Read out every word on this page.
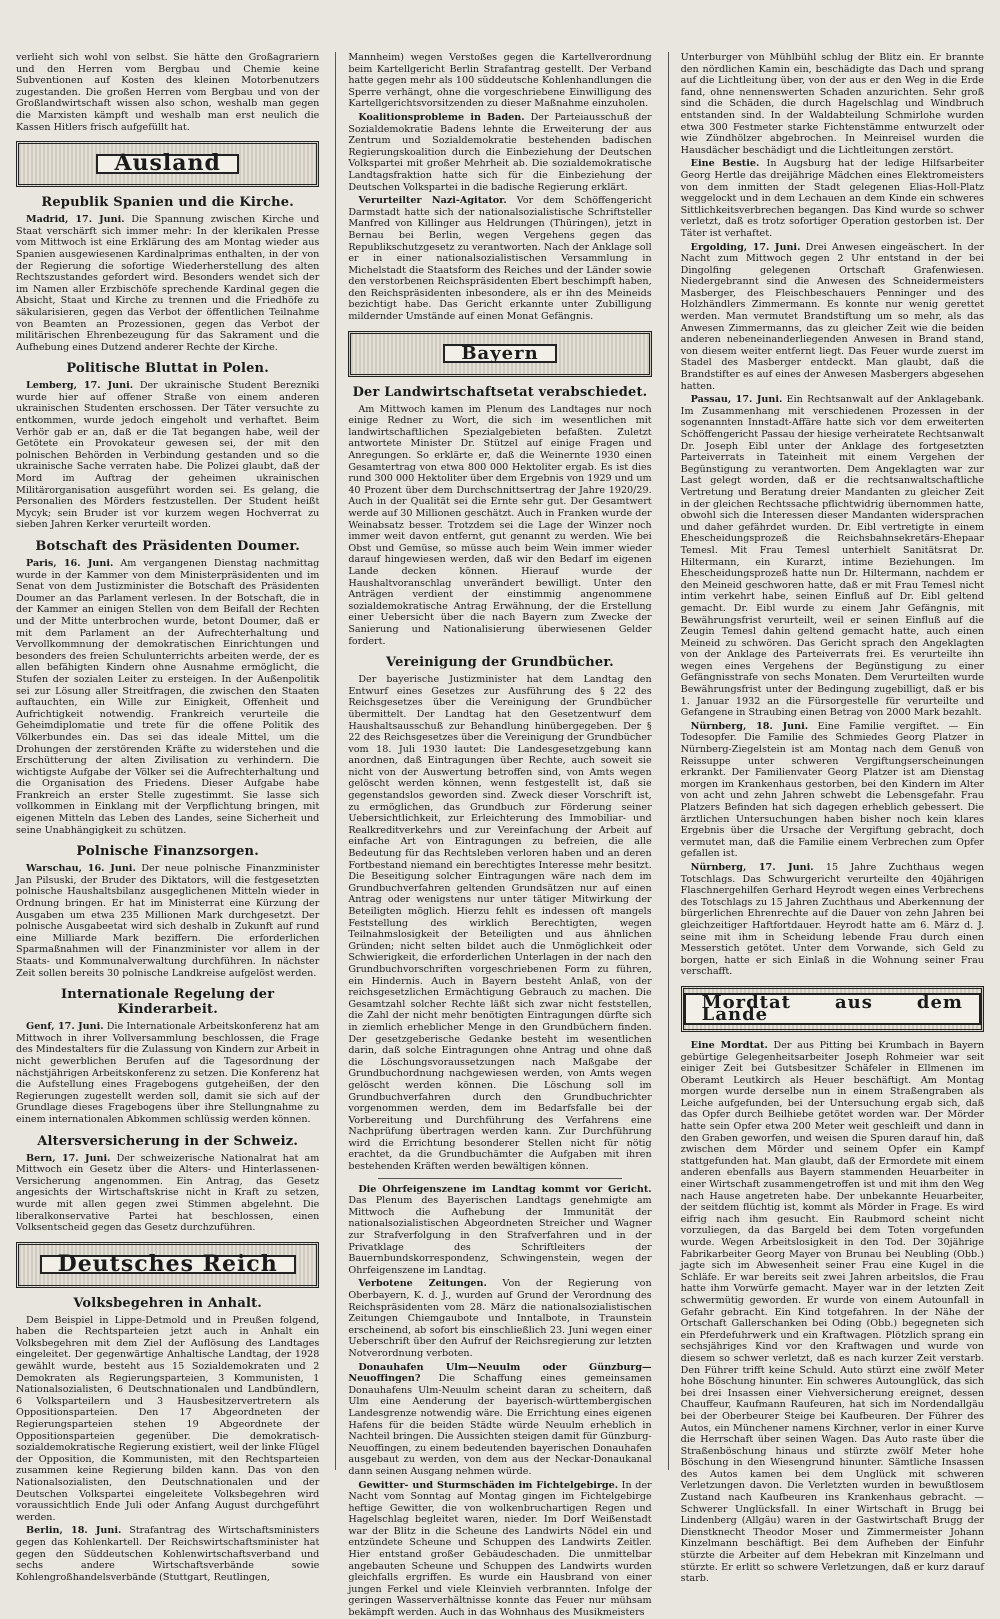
verlieht sich wohl von selbst. Sie hätte den Großagrariern und den Herren vom Bergbau und Chemie keine Subventionen auf Kosten des kleinen Motorbenutzers zugestanden. Die großen Herren vom Bergbau und von der Großlandwirtschaft wissen also schon, weshalb man gegen die Marxisten kämpft und weshalb man erst neulich die Kassen Hitlers frisch aufgefüllt hat.

Ausland
Republik Spanien und die Kirche.

Madrid, 17. Juni. Die Spannung zwischen Kirche und Staat verschärft sich immer mehr: In der klerikalen Presse vom Mittwoch ist eine Erklärung des am Montag wieder aus Spanien ausgewiesenen Kardinalprimas enthalten, in der von der Regierung die sofortige Wiederherstellung des alten Rechtszustandes gefordert wird. Besonders wendet sich der im Namen aller Erzbischöfe sprechende Kardinal gegen die Absicht, Staat und Kirche zu trennen und die Friedhöfe zu säkularisieren, gegen das Verbot der öffentlichen Teilnahme von Beamten an Prozessionen, gegen das Verbot der militärischen Ehrenbezeugung für das Sakrament und die Aufhebung eines Dutzend anderer Rechte der Kirche.

Politische Bluttat in Polen.

Lemberg, 17. Juni. Der ukrainische Student Berezniki wurde hier auf offener Straße von einem anderen ukrainischen Studenten erschossen. Der Täter versuchte zu entkommen, wurde jedoch eingeholt und verhaftet. Beim Verhör gab er an, daß er die Tat begangen habe, weil der Getötete ein Provokateur gewesen sei, der mit den polnischen Behörden in Verbindung gestanden und so die ukrainische Sache verraten habe. Die Polizei glaubt, daß der Mord im Auftrag der geheimen ukrainischen Militärorganisation ausgeführt worden sei. Es gelang, die Personalien des Mörders festzustellen. Der Student heißt Mycyk; sein Bruder ist vor kurzem wegen Hochverrat zu sieben Jahren Kerker verurteilt worden.

Botschaft des Präsidenten Doumer.

Paris, 16. Juni. Am vergangenen Dienstag nachmittag wurde in der Kammer von dem Ministerpräsidenten und im Senat von dem Justizminister die Botschaft des Präsidenten Doumer an das Parlament verlesen. In der Botschaft, die in der Kammer an einigen Stellen von dem Beifall der Rechten und der Mitte unterbrochen wurde, betont Doumer, daß er mit dem Parlament an der Aufrechterhaltung und Vervollkommnung der demokratischen Einrichtungen und besonders des freien Schulunterrichts arbeiten werde, der es allen befähigten Kindern ohne Ausnahme ermöglicht, die Stufen der sozialen Leiter zu ersteigen. In der Außenpolitik sei zur Lösung aller Streitfragen, die zwischen den Staaten auftauchten, ein Wille zur Einigkeit, Offenheit und Aufrichtigkeit notwendig. Frankreich verurteile die Geheimdiplomatie und trete für die offene Politik des Völkerbundes ein. Das sei das ideale Mittel, um die Drohungen der zerstörenden Kräfte zu widerstehen und die Erschütterung der alten Zivilisation zu verhindern. Die wichtigste Aufgabe der Völker sei die Aufrechterhaltung und die Organisation des Friedens. Dieser Aufgabe habe Frankreich an erster Stelle zugestimmt. Sie lasse sich vollkommen in Einklang mit der Verpflichtung bringen, mit eigenen Mitteln das Leben des Landes, seine Sicherheit und seine Unabhängigkeit zu schützen.

Polnische Finanzsorgen.

Warschau, 16. Juni. Der neue polnische Finanzminister Jan Pilsuski, der Bruder des Diktators, will die festgesetzten polnische Haushaltsbilanz ausgeglichenen Mitteln wieder in Ordnung bringen. Er hat im Ministerrat eine Kürzung der Ausgaben um etwa 235 Millionen Mark durchgesetzt. Der polnische Ausgabeetat wird sich deshalb in Zukunft auf rund eine Milliarde Mark beziffern. Die erforderlichen Sparmaßnahmen will der Finanzminister vor allem in der Staats- und Kommunalverwaltung durchführen. In nächster Zeit sollen bereits 30 polnische Landkreise aufgelöst werden.

Internationale Regelung der Kinderarbeit.

Genf, 17. Juni. Die Internationale Arbeitskonferenz hat am Mittwoch in ihrer Vollversammlung beschlossen, die Frage des Mindestalters für die Zulassung von Kindern zur Arbeit in nicht gewerblichen Berufen auf die Tagesordnung der nächstjährigen Arbeitskonferenz zu setzen. Die Konferenz hat die Aufstellung eines Fragebogens gutgeheißen, der den Regierungen zugestellt werden soll, damit sie sich auf der Grundlage dieses Fragebogens über ihre Stellungnahme zu einem internationalen Abkommen schlüssig werden können.

Altersversicherung in der Schweiz.

Bern, 17. Juni. Der schweizerische Nationalrat hat am Mittwoch ein Gesetz über die Alters- und Hinterlassenen-Versicherung angenommen. Ein Antrag, das Gesetz angesichts der Wirtschaftskrise nicht in Kraft zu setzen, wurde mit allen gegen zwei Stimmen abgelehnt. Die liberalkonservative Partei hat beschlossen, einen Volksentscheid gegen das Gesetz durchzuführen.

Deutsches Reich
Volksbegehren in Anhalt.

Dem Beispiel in Lippe-Detmold und in Preußen folgend, haben die Rechtsparteien jetzt auch in Anhalt ein Volksbegehren mit dem Ziel der Auflösung des Landtages eingeleitet. Der gegenwärtige Anhaltische Landtag, der 1928 gewählt wurde, besteht aus 15 Sozialdemokraten und 2 Demokraten als Regierungsparteien, 3 Kommunisten, 1 Nationalsozialisten, 6 Deutschnationalen und Landbündlern, 6 Volksparteilern und 3 Hausbesitzervertretern als Oppositionsparteien. Den 17 Abgeordneten der Regierungsparteien stehen 19 Abgeordnete der Oppositionsparteien gegenüber. Die demokratisch-sozialdemokratische Regierung existiert, weil der linke Flügel der Opposition, die Kommunisten, mit den Rechtsparteien zusammen keine Regierung bilden kann. Das von den Nationalsozialisten, den Deutschnationalen und der Deutschen Volkspartei eingeleitete Volksbegehren wird voraussichtlich Ende Juli oder Anfang August durchgeführt werden.

Berlin, 18. Juni. Strafantrag des Wirtschaftsministers gegen das Kohlenkartell. Der Reichswirtschaftsminister hat gegen den Süddeutschen Kohlenwirtschaftsverband und sechs andere Wirtschaftsverbände sowie Kohlengroßhandelsverbände (Stuttgart, Reutlingen,

Mannheim) wegen Verstoßes gegen die Kartellverordnung beim Kartellgericht Berlin Strafantrag gestellt. Der Verband hatte gegen mehr als 100 süddeutsche Kohlenhandlungen die Sperre verhängt, ohne die vorgeschriebene Einwilligung des Kartellgerichtsvorsitzenden zu dieser Maßnahme einzuholen.

Koalitionsprobleme in Baden. Der Parteiausschuß der Sozialdemokratie Badens lehnte die Erweiterung der aus Zentrum und Sozialdemokratie bestehenden badischen Regierungskoalition durch die Einbeziehung der Deutschen Volkspartei mit großer Mehrheit ab. Die sozialdemokratische Landtagsfraktion hatte sich für die Einbeziehung der Deutschen Volkspartei in die badische Regierung erklärt.

Verurteilter Nazi-Agitator. Vor dem Schöffengericht Darmstadt hatte sich der nationalsozialistische Schriftsteller Manfred von Killinger aus Heldrungen (Thüringen), jetzt in Bernau bei Berlin, wegen Vergehens gegen das Republikschutzgesetz zu verantworten. Nach der Anklage soll er in einer nationalsozialistischen Versammlung in Michelstadt die Staatsform des Reiches und der Länder sowie den verstorbenen Reichspräsidenten Ebert beschimpft haben, den Reichspräsidenten inbesondere, als er ihn des Meineids bezichtigt habe. Das Gericht erkannte unter Zubilligung mildernder Umstände auf einen Monat Gefängnis.

Bayern
Der Landwirtschaftsetat verabschiedet.

Am Mittwoch kamen im Plenum des Landtages nur noch einige Redner zu Wort, die sich im wesentlichen mit landwirtschaftlichen Spezialgebieten befaßten. Zuletzt antwortete Minister Dr. Stützel auf einige Fragen und Anregungen. So erklärte er, daß die Weinernte 1930 einen Gesamtertrag von etwa 800 000 Hektoliter ergab. Es ist dies rund 300 000 Hektoliter über dem Ergebnis von 1929 und um 40 Prozent über dem Durchschnittsertrag der Jahre 1920/29. Auch in der Qualität sei die Ernte sehr gut. Der Gesamtwert werde auf 30 Millionen geschätzt. Auch in Franken wurde der Weinabsatz besser. Trotzdem sei die Lage der Winzer noch immer weit davon entfernt, gut genannt zu werden. Wie bei Obst und Gemüse, so müsse auch beim Wein immer wieder darauf hingewiesen werden, daß wir den Bedarf im eigenen Lande decken können. Hierauf wurde der Haushaltvoranschlag unverändert bewilligt. Unter den Anträgen verdient der einstimmig angenommene sozialdemokratische Antrag Erwähnung, der die Erstellung einer Uebersicht über die nach Bayern zum Zwecke der Sanierung und Nationalisierung überwiesenen Gelder fordert.

Vereinigung der Grundbücher.

Der bayerische Justizminister hat dem Landtag den Entwurf eines Gesetzes zur Ausführung des § 22 des Reichsgesetzes über die Vereinigung der Grundbücher übermittelt. Der Landtag hat den Gesetzentwurf dem Haushaltsausschuß zur Behandlung hinübergegeben. Der § 22 des Reichsgesetzes über die Vereinigung der Grundbücher vom 18. Juli 1930 lautet: Die Landesgesetzgebung kann anordnen, daß Eintragungen über Rechte, auch soweit sie nicht von der Auswertung betroffen sind, von Amts wegen gelöscht werden können, wenn festgestellt ist, daß sie gegenstandslos geworden sind. Zweck dieser Vorschrift ist, zu ermöglichen, das Grundbuch zur Förderung seiner Uebersichtlichkeit, zur Erleichterung des Immobiliar- und Realkreditverkehrs und zur Vereinfachung der Arbeit auf einfache Art von Eintragungen zu befreien, die alle Bedeutung für das Rechtsleben verloren haben und an deren Fortbestand niemand ein berechtigtes Interesse mehr besitzt. Die Beseitigung solcher Eintragungen wäre nach dem im Grundbuchverfahren geltenden Grundsätzen nur auf einen Antrag oder wenigstens nur unter tätiger Mitwirkung der Beteiligten möglich. Hierzu fehlt es indessen oft mangels Feststellung des wirklich Berechtigten, wegen Teilnahmslosigkeit der Beteiligten und aus ähnlichen Gründen; nicht selten bildet auch die Unmöglichkeit oder Schwierigkeit, die erforderlichen Unterlagen in der nach den Grundbuchvorschriften vorgeschriebenen Form zu führen, ein Hindernis. Auch in Bayern besteht Anlaß, von der reichsgesetzlichen Ermächtigung Gebrauch zu machen. Die Gesamtzahl solcher Rechte läßt sich zwar nicht feststellen, die Zahl der nicht mehr benötigten Eintragungen dürfte sich in ziemlich erheblicher Menge in den Grundbüchern finden. Der gesetzgeberische Gedanke besteht im wesentlichen darin, daß solche Eintragungen ohne Antrag und ohne daß die Löschungsvoraussetzungen nach Maßgabe der Grundbuchordnung nachgewiesen werden, von Amts wegen gelöscht werden können. Die Löschung soll im Grundbuchverfahren durch den Grundbuchrichter vorgenommen werden, dem im Bedarfsfalle bei der Vorbereitung und Durchführung des Verfahrens eine Nachprüfung übertragen werden kann. Zur Durchführung wird die Errichtung besonderer Stellen nicht für nötig erachtet, da die Grundbuchämter die Aufgaben mit ihren bestehenden Kräften werden bewältigen können.

Die Ohrfeigenszene im Landtag kommt vor Gericht. Das Plenum des Bayerischen Landtags genehmigte am Mittwoch die Aufhebung der Immunität der nationalsozialistischen Abgeordneten Streicher und Wagner zur Strafverfolgung in den Strafverfahren und in der Privatklage des Schriftleiters der Bauernbundskorrespondenz, Schwingenstein, wegen der Ohrfeigenszene im Landtag.

Verbotene Zeitungen. Von der Regierung von Oberbayern, K. d. J., wurden auf Grund der Verordnung des Reichspräsidenten vom 28. März die nationalsozialistischen Zeitungen Chiemgaubote und Inntalbote, in Traunstein erscheinend, ab sofort bis einschließlich 23. Juni wegen einer Ueberschrift über den Aufruf der Reichsregierung zur letzten Notverordnung verboten.

Donauhafen Ulm—Neuulm oder Günzburg—Neuoffingen? Die Schaffung eines gemeinsamen Donauhafens Ulm-Neuulm scheint daran zu scheitern, daß Ulm eine Aenderung der bayerisch-württembergischen Landesgrenze notwendig wäre. Die Errichtung eines eigenen Hafens für die beiden Städte würde Neuulm erheblich in Nachteil bringen. Die Aussichten steigen damit für Günzburg-Neuoffingen, zu einem bedeutenden bayerischen Donauhafen ausgebaut zu werden, von dem aus der Neckar-Donaukanal dann seinen Ausgang nehmen würde.

Gewitter- und Sturmschäden im Fichtelgebirge. In der Nacht vom Sonntag auf Montag gingen im Fichtelgebirge heftige Gewitter, die von wolkenbruchartigen Regen und Hagelschlag begleitet waren, nieder. Im Dorf Weißenstadt war der Blitz in die Scheune des Landwirts Nödel ein und entzündete Scheune und Schuppen des Landwirts Zeitler. Hier entstand großer Gebäudeschaden. Die unmittelbar angebauten Scheune und Schuppen des Landwirts wurden gleichfalls ergriffen. Es wurde ein Hausbrand von einer jungen Ferkel und viele Kleinvieh verbrannten. Infolge der geringen Wasserverhältnisse konnte das Feuer nur mühsam bekämpft werden. Auch in das Wohnhaus des Musikmeisters

Unterburger von Mühlbühl schlug der Blitz ein. Er brannte den nördlichen Kamin ein, beschädigte das Dach und sprang auf die Lichtleitung über, von der aus er den Weg in die Erde fand, ohne nennenswerten Schaden anzurichten. Sehr groß sind die Schäden, die durch Hagelschlag und Windbruch entstanden sind. In der Waldabteilung Schmirlohe wurden etwa 300 Festmeter starke Fichtenstämme entwurzelt oder wie Zündhölzer abgebrochen. In Meinreisel wurden die Hausdächer beschädigt und die Lichtleitungen zerstört.

Eine Bestie. In Augsburg hat der ledige Hilfsarbeiter Georg Hertle das dreijährige Mädchen eines Elektromeisters von dem inmitten der Stadt gelegenen Elias-Holl-Platz weggelockt und in dem Lechauen an dem Kinde ein schweres Sittlichkeitsverbrechen begangen. Das Kind wurde so schwer verletzt, daß es trotz sofortiger Operation gestorben ist. Der Täter ist verhaftet.

Ergolding, 17. Juni. Drei Anwesen eingeäschert. In der Nacht zum Mittwoch gegen 2 Uhr entstand in der bei Dingolfing gelegenen Ortschaft Grafenwiesen. Niedergebrannt sind die Anwesen des Schneidermeisters Masberger, des Fleischbeschauers Penninger und des Holzhändlers Zimmermann. Es konnte nur wenig gerettet werden. Man vermutet Brandstiftung um so mehr, als das Anwesen Zimmermanns, das zu gleicher Zeit wie die beiden anderen nebeneinanderliegenden Anwesen in Brand stand, von diesem weiter entfernt liegt. Das Feuer wurde zuerst im Stadel des Masberger entdeckt. Man glaubt, daß die Brandstifter es auf eines der Anwesen Masbergers abgesehen hatten.

Passau, 17. Juni. Ein Rechtsanwalt auf der Anklagebank. Im Zusammenhang mit verschiedenen Prozessen in der sogenannten Innstadt-Affäre hatte sich vor dem erweiterten Schöffengericht Passau der hiesige verheiratete Rechtsanwalt Dr. Joseph Eibl unter der Anklage des fortgesetzten Parteiverrats in Tateinheit mit einem Vergehen der Begünstigung zu verantworten. Dem Angeklagten war zur Last gelegt worden, daß er die rechtsanwaltschaftliche Vertretung und Beratung dreier Mandanten zu gleicher Zeit in der gleichen Rechtssache pflichtwidrig übernommen hatte, obwohl sich die Interessen dieser Mandanten widersprachen und daher gefährdet wurden. Dr. Eibl vertretigte in einem Ehescheidungsprozeß die Reichsbahnsekretärs-Ehepaar Temesl. Mit Frau Temesl unterhielt Sanitätsrat Dr. Hiltermann, ein Kurarzt, intime Beziehungen. Im Ehescheidungsprozeß hatte nun Dr. Hiltermann, nachdem er den Meineid geschworen hatte, daß er mit Frau Temesl nicht intim verkehrt habe, seinen Einfluß auf Dr. Eibl geltend gemacht. Dr. Eibl wurde zu einem Jahr Gefängnis, mit Bewährungsfrist verurteilt, weil er seinen Einfluß auf die Zeugin Temesl dahin geltend gemacht hatte, auch einen Meineid zu schwören. Das Gericht sprach den Angeklagten von der Anklage des Parteiverrats frei. Es verurteilte ihn wegen eines Vergehens der Begünstigung zu einer Gefängnisstrafe von sechs Monaten. Dem Verurteilten wurde Bewährungsfrist unter der Bedingung zugebilligt, daß er bis 1. Januar 1932 an die Fürsorgestelle für verurteilte und Gefangene in Straubing einen Betrag von 2000 Mark bezahlt.

Nürnberg, 18. Juni. Eine Familie vergiftet. — Ein Todesopfer. Die Familie des Schmiedes Georg Platzer in Nürnberg-Ziegelstein ist am Montag nach dem Genuß von Reissuppe unter schweren Vergiftungserscheinungen erkrankt. Der Familienvater Georg Platzer ist am Dienstag morgen im Krankenhaus gestorben, bei den Kindern im Alter von acht und zehn Jahren schwebt die Lebensgefahr. Frau Platzers Befinden hat sich dagegen erheblich gebessert. Die ärztlichen Untersuchungen haben bisher noch kein klares Ergebnis über die Ursache der Vergiftung gebracht, doch vermutet man, daß die Familie einem Verbrechen zum Opfer gefallen ist.

Nürnberg, 17. Juni. 15 Jahre Zuchthaus wegen Totschlags. Das Schwurgericht verurteilte den 40jährigen Flaschnergehilfen Gerhard Heyrodt wegen eines Verbrechens des Totschlags zu 15 Jahren Zuchthaus und Aberkennung der bürgerlichen Ehrenrechte auf die Dauer von zehn Jahren bei gleichzeitiger Haftfortdauer. Heyrodt hatte am 6. März d. J. seine mit ihm in Scheidung lebende Frau durch einen Messerstich getötet. Unter dem Vorwande, sich Geld zu borgen, hatte er sich Einlaß in die Wohnung seiner Frau verschafft.

Mordtat aus dem Lande

Eine Mordtat. Der aus Pitting bei Krumbach in Bayern gebürtige Gelegenheitsarbeiter Joseph Rohmeier war seit einiger Zeit bei Gutsbesitzer Schäfeler in Ellmenen im Oberamt Leutkirch als Heuer beschäftigt. Am Montag morgen wurde derselbe nun in einem Straßengraben als Leiche aufgefunden, bei der Untersuchung ergab sich, daß das Opfer durch Beilhiebe getötet worden war. Der Mörder hatte sein Opfer etwa 200 Meter weit geschleift und dann in den Graben geworfen, und weisen die Spuren darauf hin, daß zwischen dem Mörder und seinem Opfer ein Kampf stattgefunden hat. Man glaubt, daß der Ermordete mit einem anderen ebenfalls aus Bayern stammenden Heuarbeiter in einer Wirtschaft zusammengetroffen ist und mit ihm den Weg nach Hause angetreten habe. Der unbekannte Heuarbeiter, der seitdem flüchtig ist, kommt als Mörder in Frage. Es wird eifrig nach ihm gesucht. Ein Raubmord scheint nicht vorzuliegen, da das Bargeld bei dem Toten vorgefunden wurde. Wegen Arbeitslosigkeit in den Tod. Der 30jährige Fabrikarbeiter Georg Mayer von Brunau bei Neubling (Obb.) jagte sich im Abwesenheit seiner Frau eine Kugel in die Schläfe. Er war bereits seit zwei Jahren arbeitslos, die Frau hatte ihm Vorwürfe gemacht. Mayer war in der letzten Zeit schwermütig geworden. Er wurde von einem Autounfall in Gefahr gebracht. Ein Kind totgefahren. In der Nähe der Ortschaft Gallerschanken bei Oding (Obb.) begegneten sich ein Pferdefuhrwerk und ein Kraftwagen. Plötzlich sprang ein sechsjähriges Kind vor den Kraftwagen und wurde von diesem so schwer verletzt, daß es nach kurzer Zeit verstarb. Den Führer trifft keine Schuld. Auto stürzt eine zwölf Meter hohe Böschung hinunter. Ein schweres Autounglück, das sich bei drei Insassen einer Viehversicherung ereignet, dessen Chauffeur, Kaufmann Raufeuren, hat sich im Nordendallgäu bei der Oberbeurer Steige bei Kaufbeuren. Der Führer des Autos, ein Münchener namens Kirchner, verlor in einer Kurve die Herrschaft über seinen Wagen. Das Auto raste über die Straßenböschung hinaus und stürzte zwölf Meter hohe Böschung in den Wiesengrund hinunter. Sämtliche Insassen des Autos kamen bei dem Unglück mit schweren Verletzungen davon. Die Verletzten wurden in bewußtlosem Zustand nach Kaufbeuren ins Krankenhaus gebracht. — Schwerer Unglücksfall. In einer Wirtschaft in Brugg bei Lindenberg (Allgäu) waren in der Gastwirtschaft Brugg der Dienstknecht Theodor Moser und Zimmermeister Johann Kinzelmann beschäftigt. Bei dem Aufheben der Einfuhr stürzte die Arbeiter auf dem Hebekran mit Kinzelmann und stürzte. Er erlitt so schwere Verletzungen, daß er kurz darauf starb.
